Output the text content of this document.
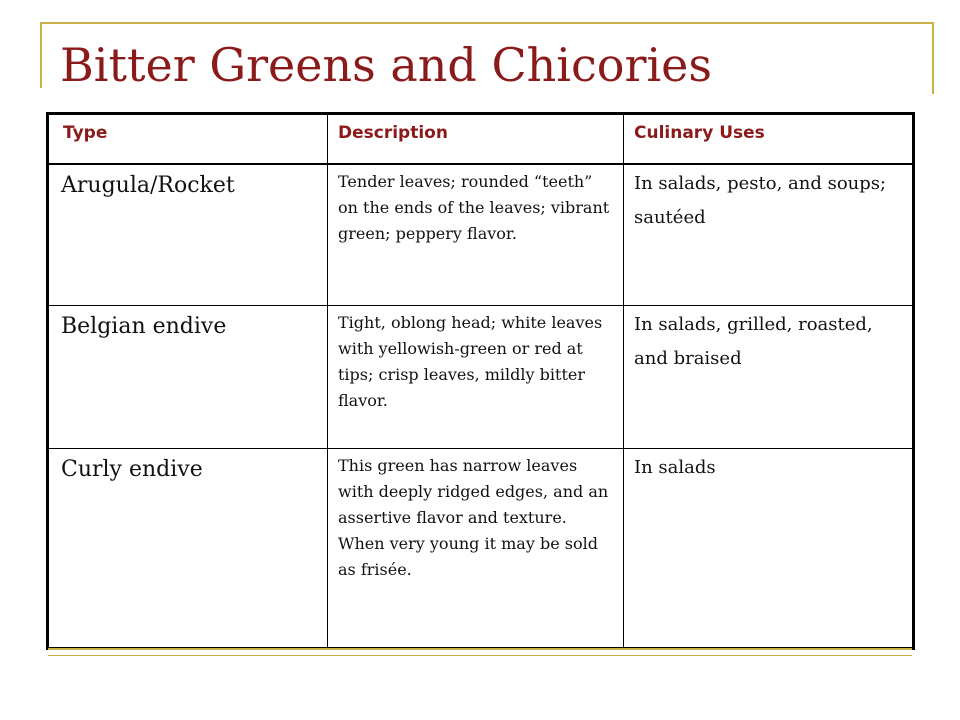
Bitter Greens and Chicories
Type	Description	Culinary Uses
Arugula/Rocket	Tender leaves; rounded “teeth” on the ends of the leaves; vibrant green; peppery flavor.	In salads, pesto, and soups; sautéed
Belgian endive	Tight, oblong head; white leaves with yellowish-green or red at tips; crisp leaves, mildly bitter flavor.	In salads, grilled, roasted, and braised
Curly endive	This green has narrow leaves with deeply ridged edges, and an assertive flavor and texture. When very young it may be sold as frisée.	In salads
